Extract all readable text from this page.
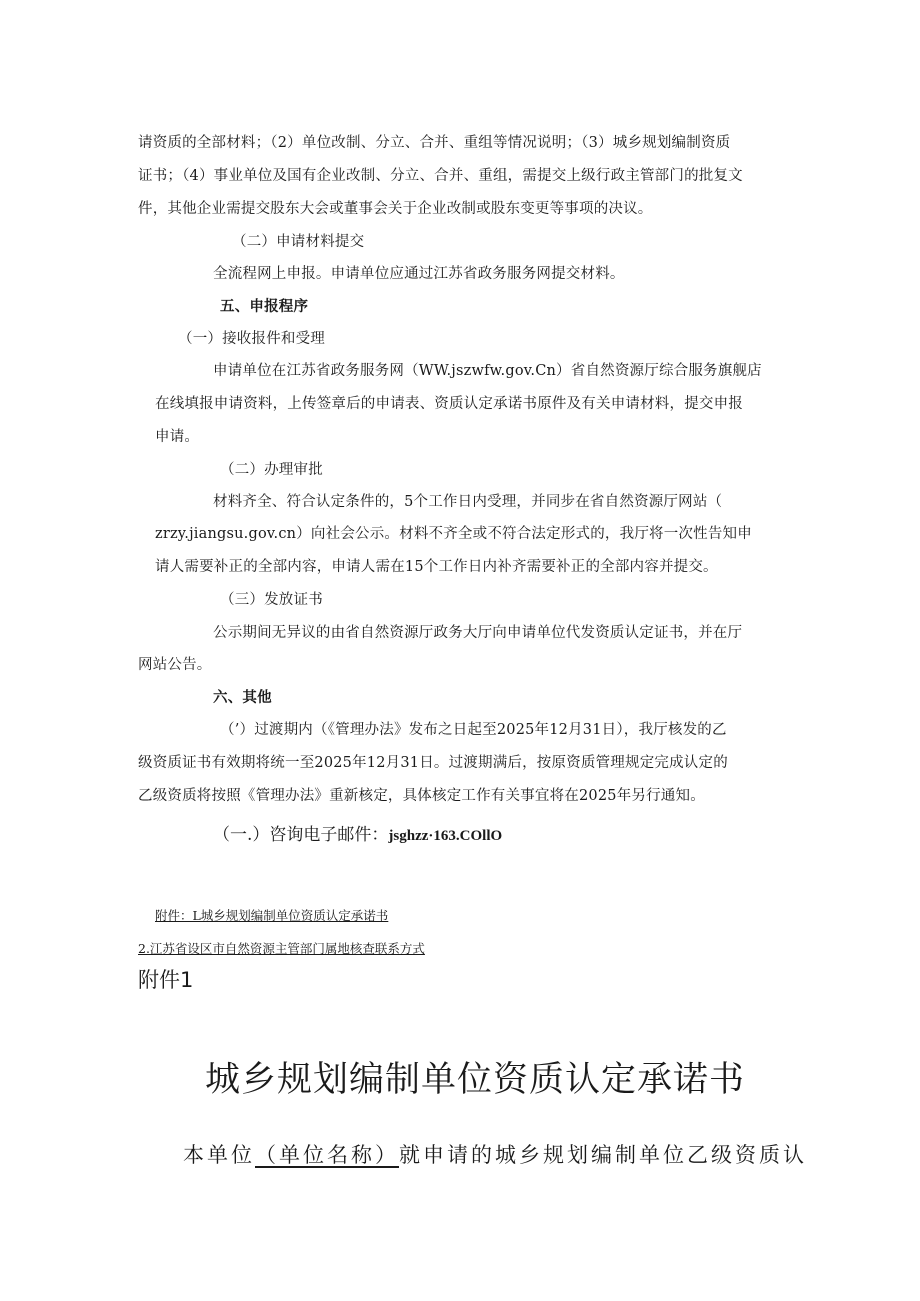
请资质的全部材料；（2）单位改制、分立、合并、重组等情况说明；（3）城乡规划编制资质

证书；（4）事业单位及国有企业改制、分立、合并、重组，需提交上级行政主管部门的批复文

件，其他企业需提交股东大会或董事会关于企业改制或股东变更等事项的决议。

（二）申请材料提交

全流程网上申报。申请单位应通过江苏省政务服务网提交材料。

五、申报程序

（一）接收报件和受理

申请单位在江苏省政务服务网（WW.jszwfw.gov.Cn）省自然资源厅综合服务旗舰店

在线填报申请资料，上传签章后的申请表、资质认定承诺书原件及有关申请材料，提交申报

申请。

（二）办理审批

材料齐全、符合认定条件的，5个工作日内受理，并同步在省自然资源厅网站（

zrzy.jiangsu.gov.cn）向社会公示。材料不齐全或不符合法定形式的，我厅将一次性告知申

请人需要补正的全部内容，申请人需在15个工作日内补齐需要补正的全部内容并提交。

（三）发放证书

公示期间无异议的由省自然资源厅政务大厅向申请单位代发资质认定证书，并在厅

网站公告。

六、其他

（’）过渡期内（《管理办法》发布之日起至2025年12月31日），我厅核发的乙

级资质证书有效期将统一至2025年12月31日。过渡期满后，按原资质管理规定完成认定的

乙级资质将按照《管理办法》重新核定，具体核定工作有关事宜将在2025年另行通知。

（一.）咨询电子邮件：jsghzz·163.COllO

附件：L城乡规划编制单位资质认定承诺书

2.江苏省设区市自然资源主管部门属地核查联系方式

附件1

城乡规划编制单位资质认定承诺书

本单位（单位名称）就申请的城乡规划编制单位乙级资质认
